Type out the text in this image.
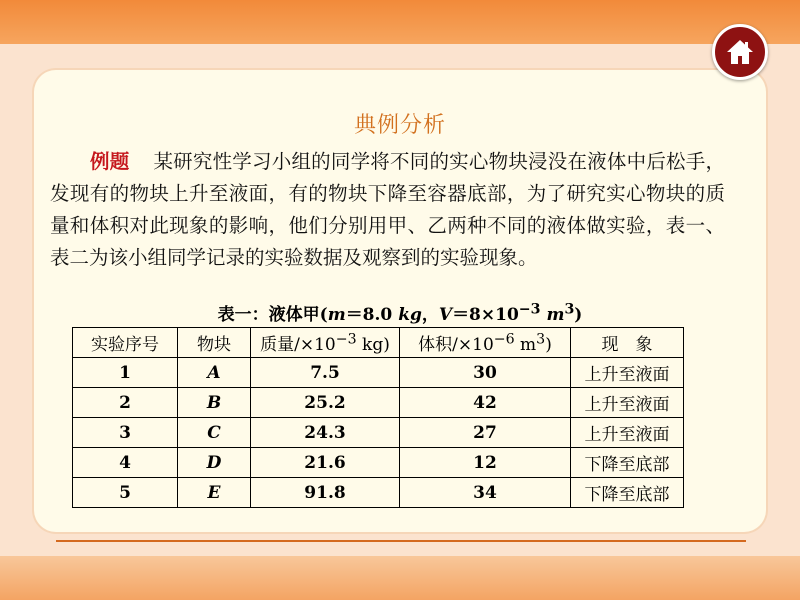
典例分析

例题 某研究性学习小组的同学将不同的实心物块浸没在液体中后松手，发现有的物块上升至液面，有的物块下降至容器底部，为了研究实心物块的质量和体积对此现象的影响，他们分别用甲、乙两种不同的液体做实验，表一、表二为该小组同学记录的实验数据及观察到的实验现象。

表一：液体甲(m＝8.0 kg，$V=8\times 10^{-3}$ $m^3$)
实验序号	物块	质量$/\times 10^{-3}$ kg)	体积$/\times 10^{-6}$ $m^3$)	现　象
1	A	7.5	30	上升至液面
2	B	25.2	42	上升至液面
3	C	24.3	27	上升至液面
4	D	21.6	12	下降至底部
5	E	91.8	34	下降至底部
